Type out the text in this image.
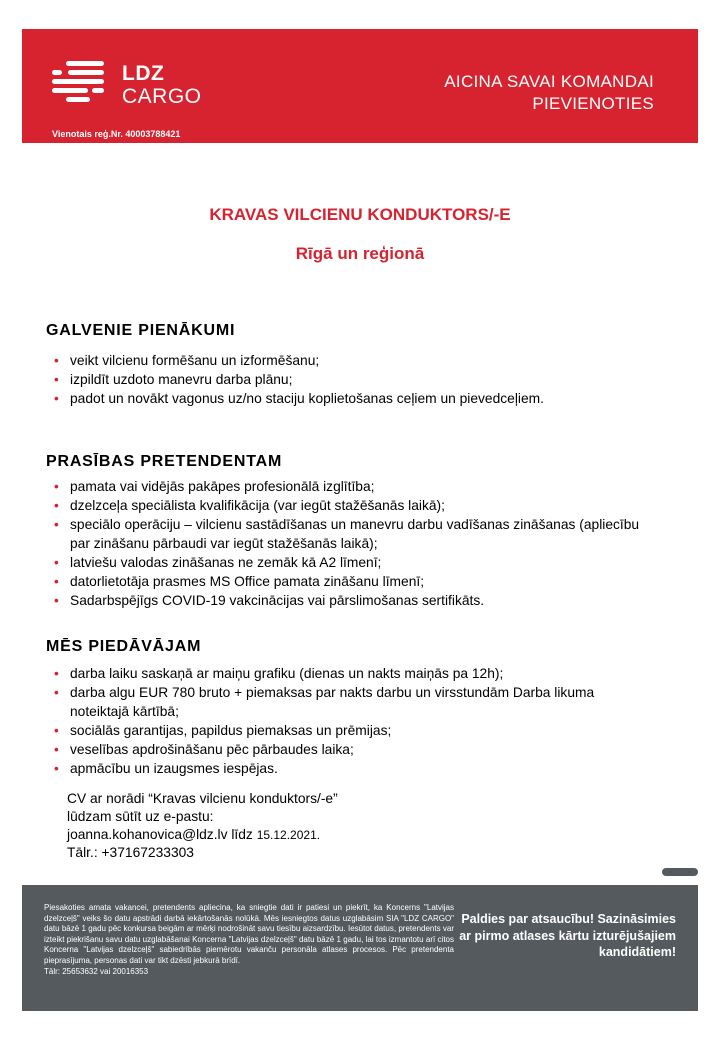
LDZ
CARGO
Vienotais reģ.Nr. 40003788421
AICINA SAVAI KOMANDAI
PIEVIENOTIES
KRAVAS VILCIENU KONDUKTORS/-E
Rīgā un reģionā
GALVENIE PIENĀKUMI
• veikt vilcienu formēšanu un izformēšanu;
• izpildīt uzdoto manevru darba plānu;
• padot un novākt vagonus uz/no staciju koplietošanas ceļiem un pievedceļiem.
PRASĪBAS PRETENDENTAM
• pamata vai vidējās pakāpes profesionālā izglītība;
• dzelzceļa speciālista kvalifikācija (var iegūt stažēšanās laikā);
• speciālo operāciju – vilcienu sastādīšanas un manevru darbu vadīšanas zināšanas (apliecību par zināšanu pārbaudi var iegūt stažēšanās laikā);
• latviešu valodas zināšanas ne zemāk kā A2 līmenī;
• datorlietotāja prasmes MS Office pamata zināšanu līmenī;
• Sadarbspējīgs COVID-19 vakcinācijas vai pārslimošanas sertifikāts.
MĒS PIEDĀVĀJAM
• darba laiku saskaņā ar maiņu grafiku (dienas un nakts maiņās pa 12h);
• darba algu EUR 780 bruto + piemaksas par nakts darbu un virsstundām Darba likuma noteiktajā kārtībā;
• sociālās garantijas, papildus piemaksas un prēmijas;
• veselības apdrošināšanu pēc pārbaudes laika;
• apmācību un izaugsmes iespējas.
CV ar norādi “Kravas vilcienu konduktors/-e”
lūdzam sūtīt uz e-pastu:
joanna.kohanovica@ldz.lv līdz 15.12.2021.
Tālr.: +37167233303
Piesakoties amata vakancei, pretendents apliecina, ka sniegtie dati ir patiesi un piekrīt, ka Koncerns "Latvijas dzelzceļš" veiks šo datu apstrādi darbā iekārtošanās nolūkā. Mēs iesniegtos datus uzglabāsim SIA "LDZ CARGO" datu bāzē 1 gadu pēc konkursa beigām ar mērķi nodrošināt savu tiesību aizsardzību. Iesūtot datus, pretendents var izteikt piekrišanu savu datu uzglabāšanai Koncerna "Latvijas dzelzceļš" datu bāzē 1 gadu, lai tos izmantotu arī citos Koncerna "Latvijas dzelzceļš" sabiedrībās piemērotu vakanču personāla atlases procesos. Pēc pretendenta pieprasījuma, personas dati var tikt dzēsti jebkurā brīdī.
Tālr: 25653632 vai 20016353
Paldies par atsaucību! Sazināsimies ar pirmo atlases kārtu izturējušajiem kandidātiem!
